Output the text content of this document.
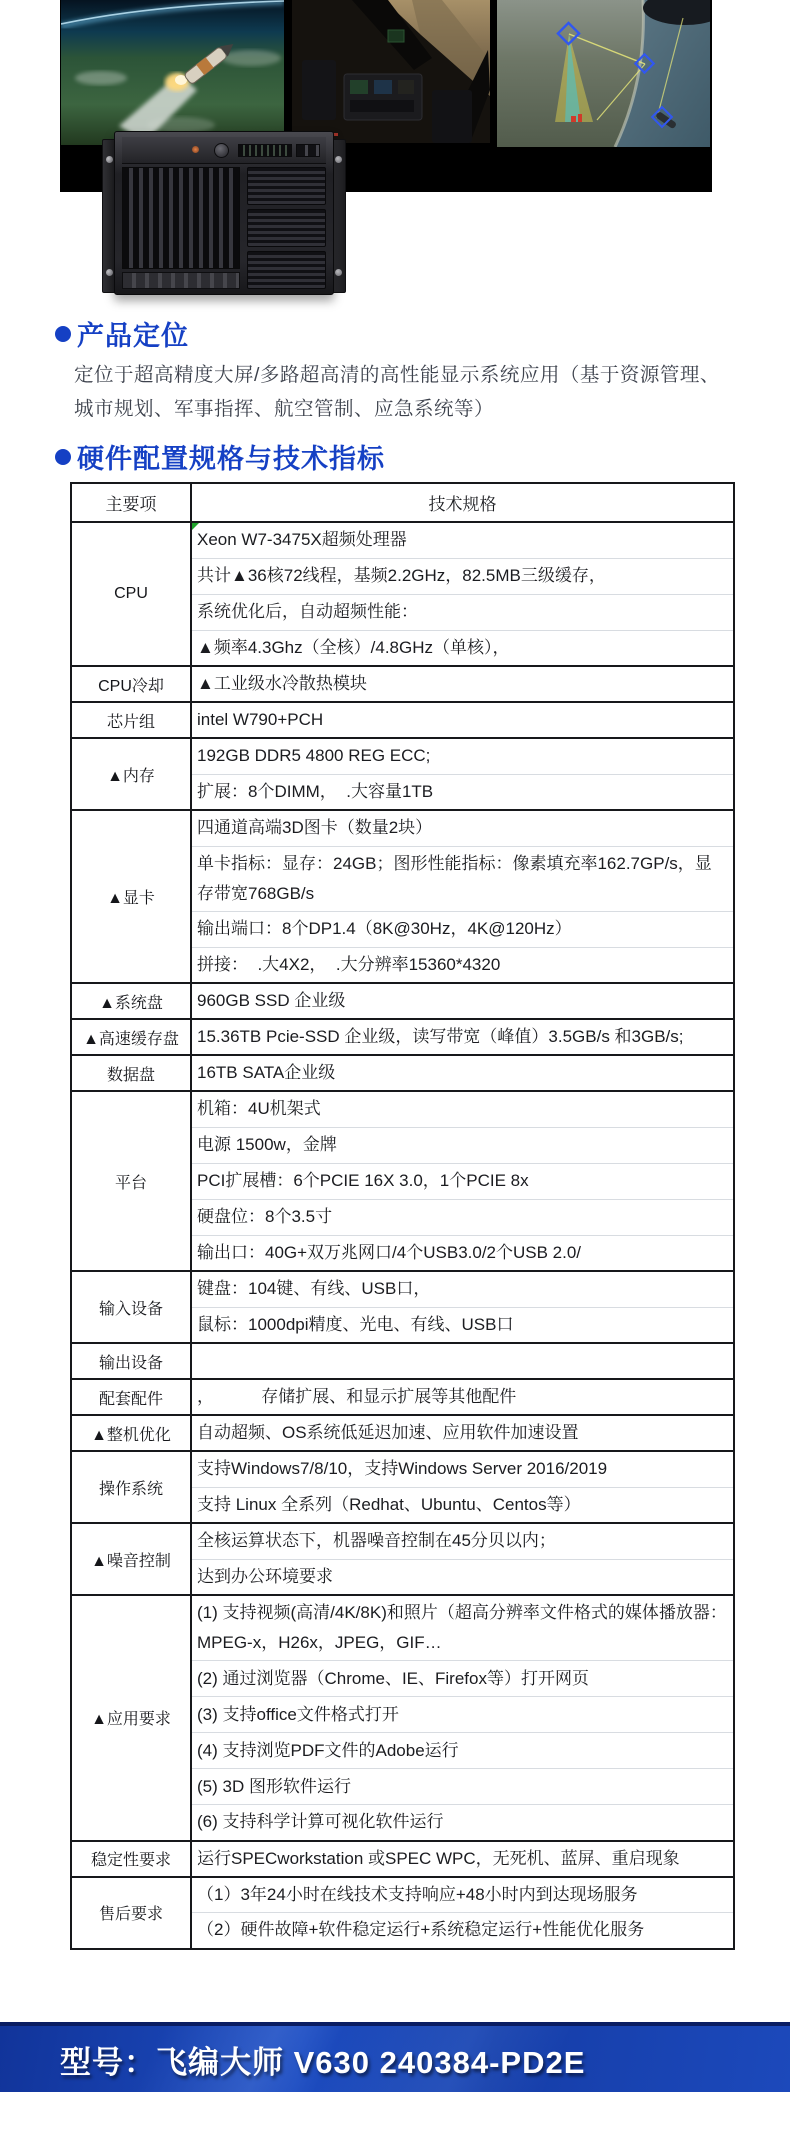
产品定位
定位于超高精度大屏/多路超高清的高性能显示系统应用（基于资源管理、城市规划、军事指挥、航空管制、应急系统等）
硬件配置规格与技术指标
主要项	技术规格
CPU	Xeon W7-3475X超频处理器

	共计▲36核72线程，基频2.2GHz，82.5MB三级缓存，
	系统优化后，自动超频性能：
	▲频率4.3Ghz（全核）/4.8GHz（单核），
CPU冷却	▲工业级水冷散热模块
芯片组	intel W790+PCH
▲内存	192GB DDR5 4800 REG ECC;
	扩展：8个DIMM，  .大容量1TB
▲显卡	四通道高端3D图卡（数量2块）
	单卡指标：显存：24GB；图形性能指标：像素填充率162.7GP/s，显存带宽768GB/s
	输出端口：8个DP1.4（8K@30Hz，4K@120Hz）
	拼接：  .大4X2，  .大分辨率15360*4320
▲系统盘	960GB SSD 企业级
▲高速缓存盘	15.36TB Pcie-SSD 企业级，读写带宽（峰值）3.5GB/s 和3GB/s;
数据盘	16TB SATA企业级
平台	机箱：4U机架式
	电源 1500w，金牌
	PCI扩展槽：6个PCIE 16X 3.0，1个PCIE 8x
	硬盘位：8个3.5寸
	输出口：40G+双万兆网口/4个USB3.0/2个USB 2.0/
输入设备	键盘：104键、有线、USB口，
	鼠标：1000dpi精度、光电、有线、USB口
输出设备	
配套配件	，          存储扩展、和显示扩展等其他配件
▲整机优化	自动超频、OS系统低延迟加速、应用软件加速设置
操作系统	支持Windows7/8/10，支持Windows Server 2016/2019
	支持 Linux 全系列（Redhat、Ubuntu、Centos等）
▲噪音控制	全核运算状态下，机器噪音控制在45分贝以内；
	达到办公环境要求
▲应用要求	(1) 支持视频(高清/4K/8K)和照片（超高分辨率文件格式的媒体播放器：MPEG-x，H26x，JPEG，GIF…
	(2) 通过浏览器（Chrome、IE、Firefox等）打开网页
	(3) 支持office文件格式打开
	(4) 支持浏览PDF文件的Adobe运行
	(5) 3D 图形软件运行
	(6) 支持科学计算可视化软件运行
稳定性要求	运行SPECworkstation 或SPEC WPC，无死机、蓝屏、重启现象
售后要求	（1）3年24小时在线技术支持响应+48小时内到达现场服务
	（2）硬件故障+软件稳定运行+系统稳定运行+性能优化服务
型号：飞编大师 V630 240384-PD2E
